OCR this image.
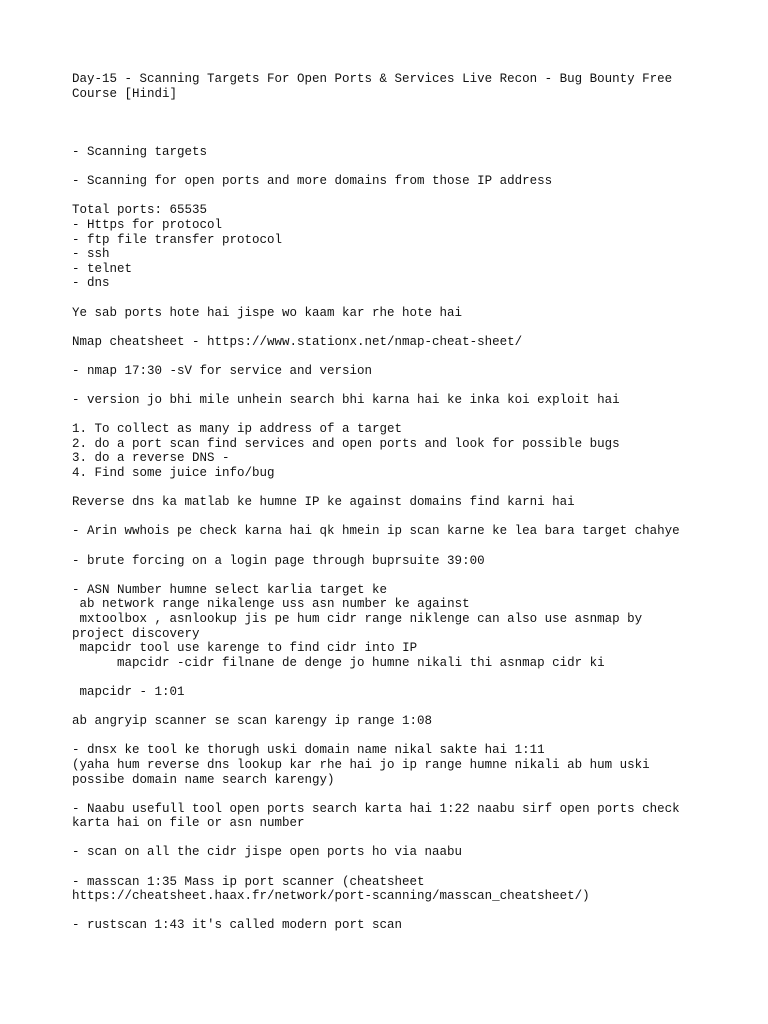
Day-15 - Scanning Targets For Open Ports & Services Live Recon - Bug Bounty Free
Course [Hindi]
- Scanning targets
- Scanning for open ports and more domains from those IP address
Total ports: 65535
- Https for protocol
- ftp file transfer protocol
- ssh
- telnet
- dns
Ye sab ports hote hai jispe wo kaam kar rhe hote hai
Nmap cheatsheet - https://www.stationx.net/nmap-cheat-sheet/
- nmap 17:30 -sV for service and version
- version jo bhi mile unhein search bhi karna hai ke inka koi exploit hai
1. To collect as many ip address of a target
2. do a port scan find services and open ports and look for possible bugs
3. do a reverse DNS -
4. Find some juice info/bug
Reverse dns ka matlab ke humne IP ke against domains find karni hai
- Arin wwhois pe check karna hai qk hmein ip scan karne ke lea bara target chahye
- brute forcing on a login page through buprsuite 39:00
- ASN Number humne select karlia target ke
ab network range nikalenge uss asn number ke against
mxtoolbox , asnlookup jis pe hum cidr range niklenge can also use asnmap by
project discovery
mapcidr tool use karenge to find cidr into IP
mapcidr -cidr filnane de denge jo humne nikali thi asnmap cidr ki
mapcidr - 1:01
ab angryip scanner se scan karengy ip range 1:08
- dnsx ke tool ke thorugh uski domain name nikal sakte hai 1:11
(yaha hum reverse dns lookup kar rhe hai jo ip range humne nikali ab hum uski
possibe domain name search karengy)
- Naabu usefull tool open ports search karta hai 1:22 naabu sirf open ports check
karta hai on file or asn number
- scan on all the cidr jispe open ports ho via naabu
- masscan 1:35 Mass ip port scanner (cheatsheet
https://cheatsheet.haax.fr/network/port-scanning/masscan_cheatsheet/)
- rustscan 1:43 it's called modern port scan
